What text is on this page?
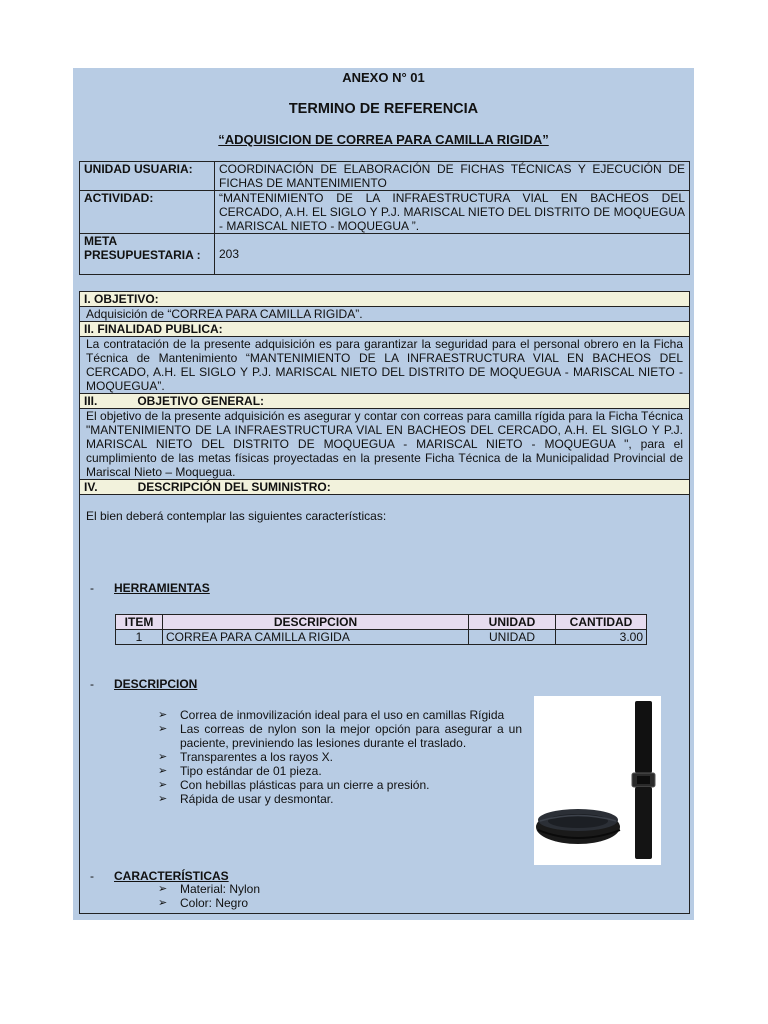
ANEXO N° 01
TERMINO DE REFERENCIA
“ADQUISICION DE CORREA PARA CAMILLA RIGIDA”
UNIDAD USUARIA:	COORDINACIÓN DE ELABORACIÓN DE FICHAS TÉCNICAS Y EJECUCIÓN DE FICHAS DE MANTENIMIENTO
ACTIVIDAD:	“MANTENIMIENTO DE LA INFRAESTRUCTURA VIAL EN BACHEOS DEL CERCADO, A.H. EL SIGLO Y P.J. MARISCAL NIETO DEL DISTRITO DE MOQUEGUA - MARISCAL NIETO - MOQUEGUA ”.
META PRESUPUESTARIA :	203
I. OBJETIVO:
Adquisición de “CORREA PARA CAMILLA RIGIDA”.
II. FINALIDAD PUBLICA:
La contratación de la presente adquisición es para garantizar la seguridad para el personal obrero en la Ficha Técnica de Mantenimiento “MANTENIMIENTO DE LA INFRAESTRUCTURA VIAL EN BACHEOS DEL CERCADO, A.H. EL SIGLO Y P.J. MARISCAL NIETO DEL DISTRITO DE MOQUEGUA - MARISCAL NIETO - MOQUEGUA”.
III.	OBJETIVO GENERAL:
El objetivo de la presente adquisición es asegurar y contar con correas para camilla rígida para la Ficha Técnica "MANTENIMIENTO DE LA INFRAESTRUCTURA VIAL EN BACHEOS DEL CERCADO, A.H. EL SIGLO Y P.J. MARISCAL NIETO DEL DISTRITO DE MOQUEGUA - MARISCAL NIETO - MOQUEGUA ", para el cumplimiento de las metas físicas proyectadas en la presente Ficha Técnica de la Municipalidad Provincial de Mariscal Nieto – Moquegua.
IV.	DESCRIPCIÓN DEL SUMINISTRO:
El bien deberá contemplar las siguientes características:
- HERRAMIENTAS
ITEM	DESCRIPCION	UNIDAD	CANTIDAD
1	CORREA PARA CAMILLA RIGIDA	UNIDAD	3.00
- DESCRIPCION
➢ Correa de inmovilización ideal para el uso en camillas Rígida
➢ Las correas de nylon son la mejor opción para asegurar a un paciente, previniendo las lesiones durante el traslado.
➢ Transparentes a los rayos X.
➢ Tipo estándar de 01 pieza.
➢ Con hebillas plásticas para un cierre a presión.
➢ Rápida de usar y desmontar.
- CARACTERÍSTICAS
➢ Material: Nylon
➢ Color: Negro
